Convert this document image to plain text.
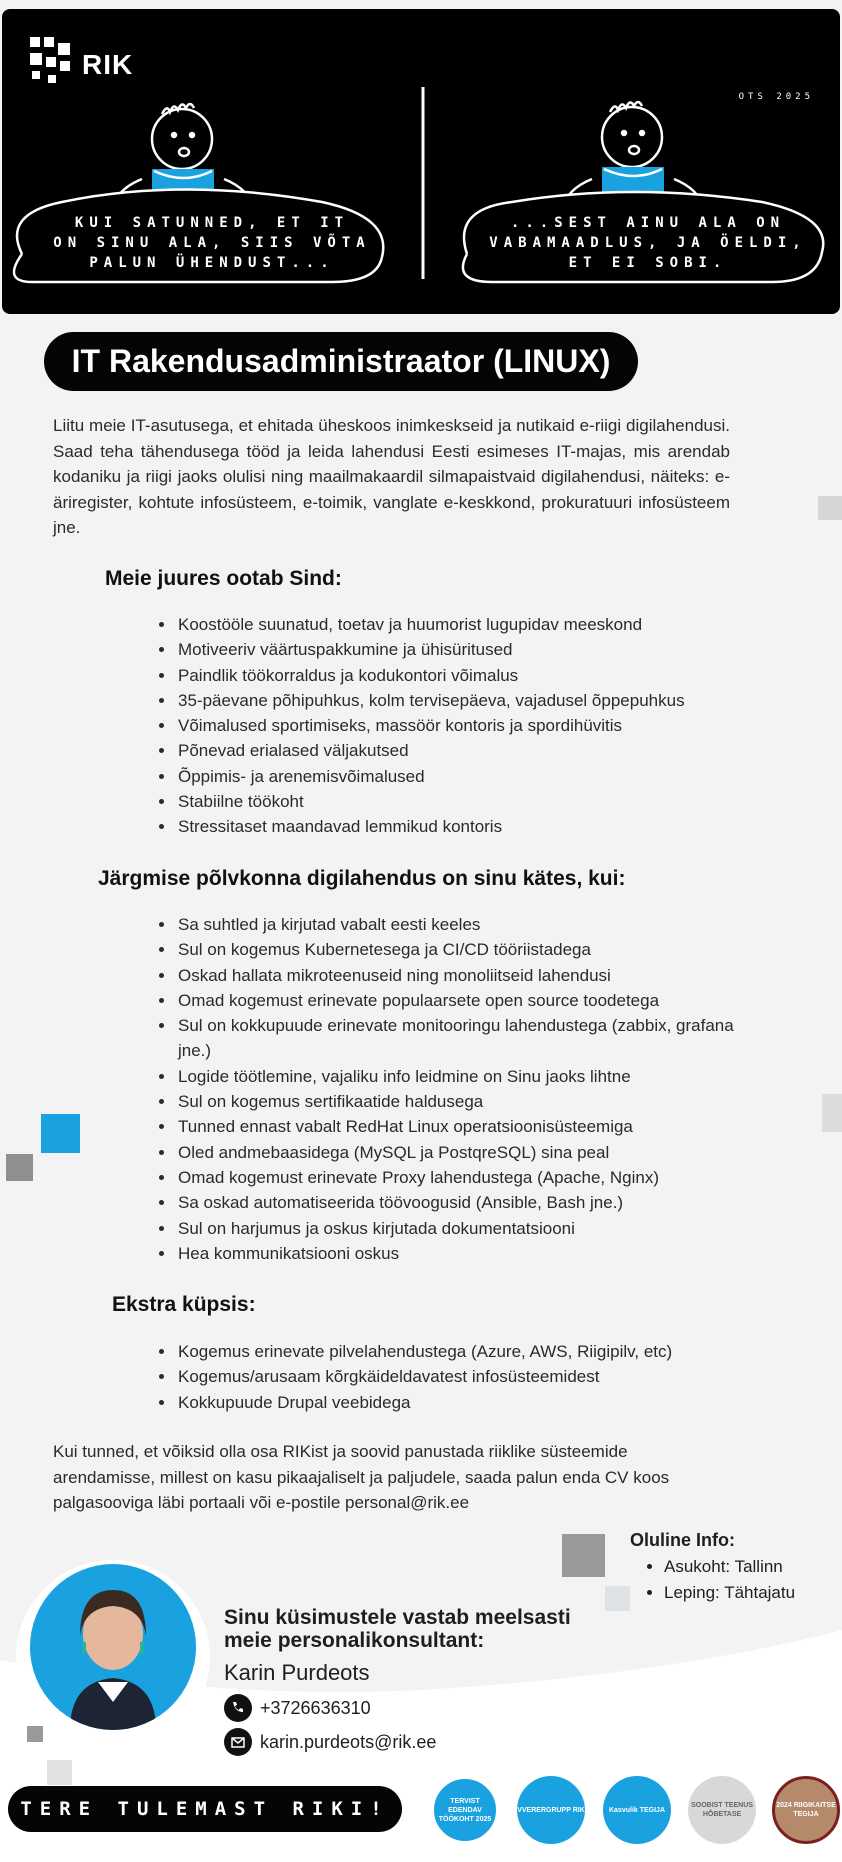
RIK
OTS 2025
KUI SATUNNED, ET IT
ON SINU ALA, SIIS VÕTA
PALUN ÜHENDUST...
...SEST AINU ALA ON
VABAMAADLUS, JA ÖELDI,
ET EI SOBI.
IT Rakendusadministraator (LINUX)
Liitu meie IT-asutusega, et ehitada üheskoos inimkeskseid ja nutikaid e-riigi digilahendusi. Saad teha tähendusega tööd ja leida lahendusi Eesti esimeses IT-majas, mis arendab kodaniku ja riigi jaoks olulisi ning maailmakaardil silmapaistvaid digilahendusi, näiteks: e-äriregister, kohtute infosüsteem, e-toimik, vanglate e-keskkond, prokuratuuri infosüsteem jne.
Meie juures ootab Sind:
• Koostööle suunatud, toetav ja huumorist lugupidav meeskond
• Motiveeriv väärtuspakkumine ja ühisüritused
• Paindlik töökorraldus ja kodukontori võimalus
• 35-päevane põhipuhkus, kolm tervisepäeva, vajadusel õppepuhkus
• Võimalused sportimiseks, massöör kontoris ja spordihüvitis
• Põnevad erialased väljakutsed
• Õppimis- ja arenemisvõimalused
• Stabiilne töökoht
• Stressitaset maandavad lemmikud kontoris
Järgmise põlvkonna digilahendus on sinu kätes, kui:
• Sa suhtled ja kirjutad vabalt eesti keeles
• Sul on kogemus Kubernetesega ja CI/CD tööriistadega
• Oskad hallata mikroteenuseid ning monoliitseid lahendusi
• Omad kogemust erinevate populaarsete open source toodetega
• Sul on kokkupuude erinevate monitooringu lahendustega (zabbix, grafana jne.)
• Logide töötlemine, vajaliku info leidmine on Sinu jaoks lihtne
• Sul on kogemus sertifikaatide haldusega
• Tunned ennast vabalt RedHat Linux operatsioonisüsteemiga
• Oled andmebaasidega (MySQL ja PostqreSQL) sina peal
• Omad kogemust erinevate Proxy lahendustega (Apache, Nginx)
• Sa oskad automatiseerida töövoogusid (Ansible, Bash jne.)
• Sul on harjumus ja oskus kirjutada dokumentatsiooni
• Hea kommunikatsiooni oskus
Ekstra küpsis:
• Kogemus erinevate pilvelahendustega (Azure, AWS, Riigipilv, etc)
• Kogemus/arusaam kõrgkäideldavatest infosüsteemidest
• Kokkupuude Drupal veebidega
Kui tunned, et võiksid olla osa RIKist ja soovid panustada riiklike süsteemide arendamisse, millest on kasu pikaajaliselt ja paljudele, saada palun enda CV koos palgasooviga läbi portaali või e-postile personal@rik.ee
Oluline Info:
• Asukoht: Tallinn
• Leping: Tähtajatu
Sinu küsimustele vastab meelsasti meie personalikonsultant:
Karin Purdeots
+3726636310
karin.purdeots@rik.ee
TERE TULEMAST RIKI!	TERVIST EDENDAV TÖÖKOHT 2025
VVERERGRUPP RIK	Kasvulik TEGIJA
SOOBIST TEENUS HÕBETASE
2024 RIIGIKAITSE TEGIJA
